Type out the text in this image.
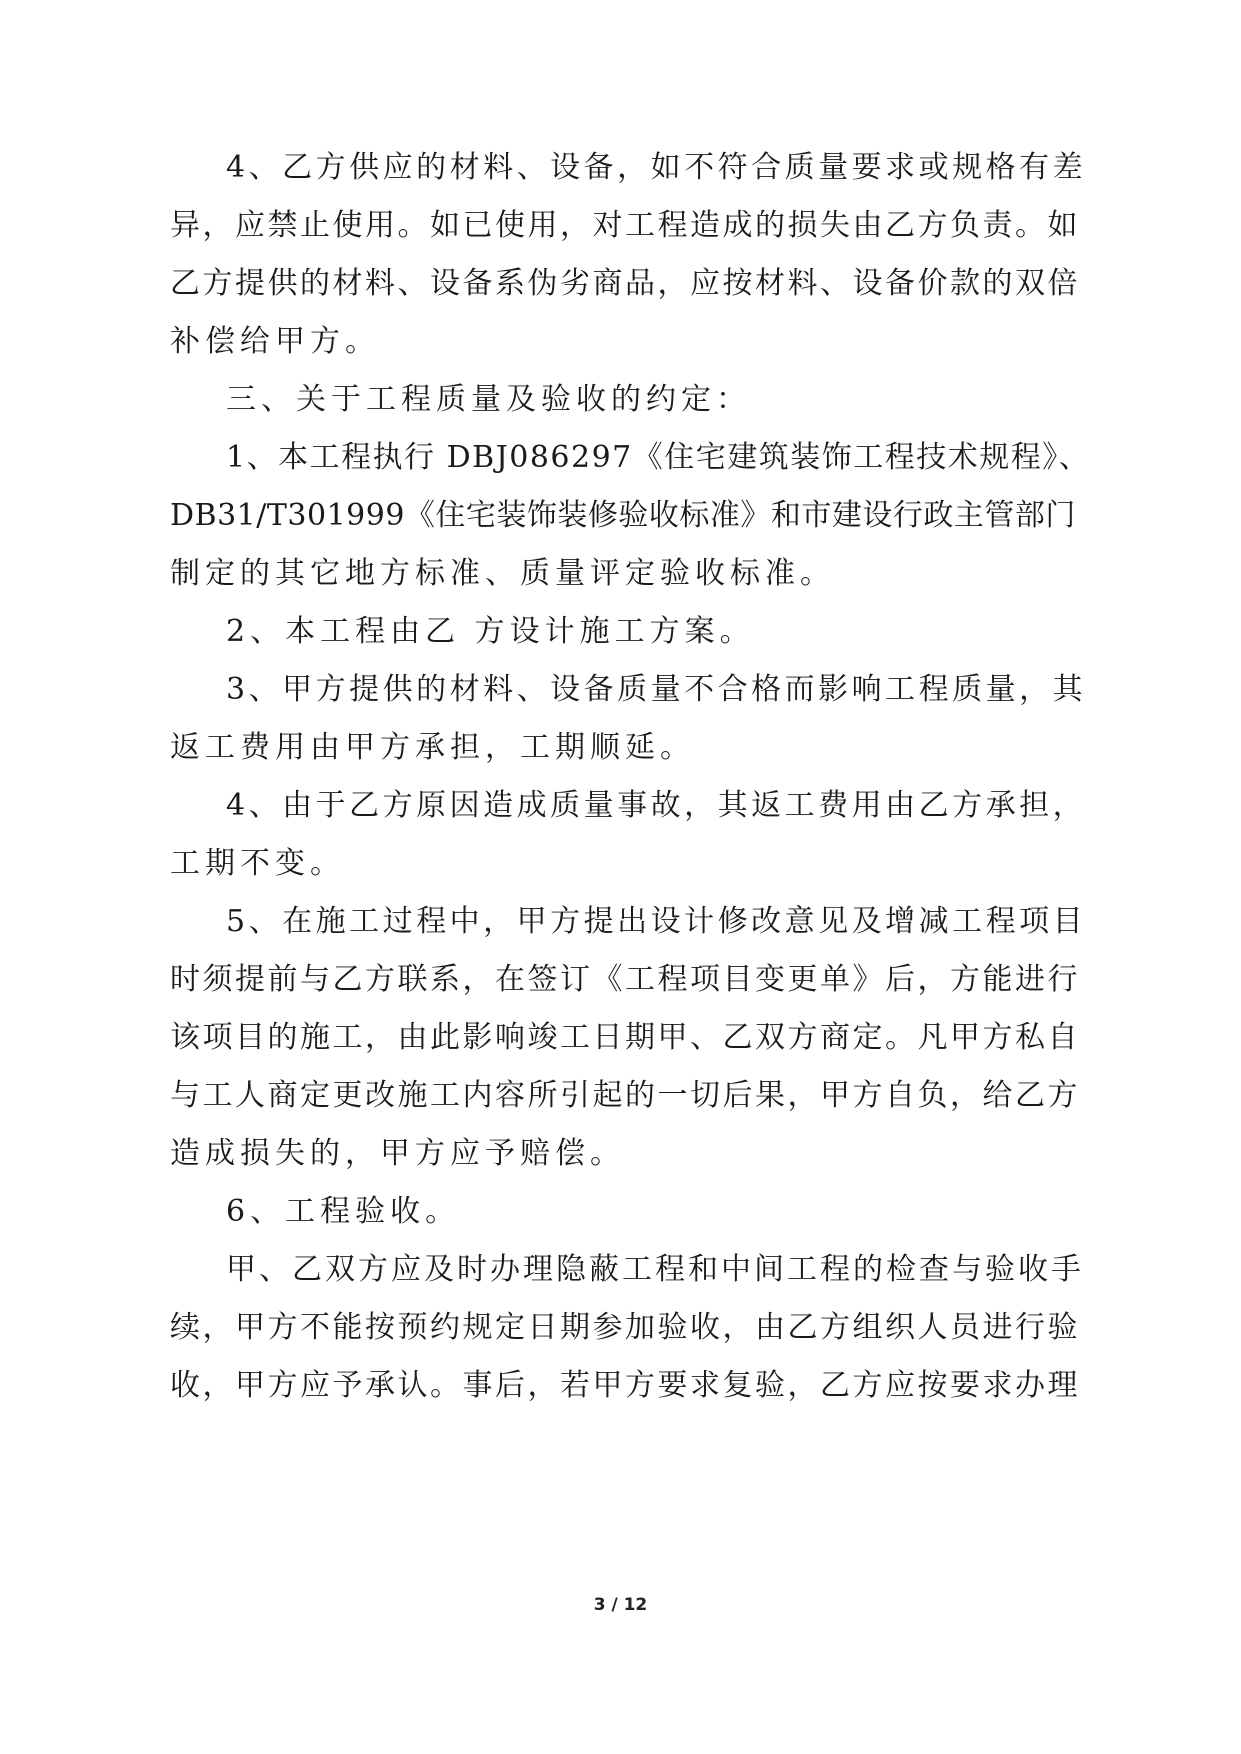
4、乙方供应的材料、设备，如不符合质量要求或规格有差
异，应禁止使用。如已使用，对工程造成的损失由乙方负责。如
乙方提供的材料、设备系伪劣商品，应按材料、设备价款的双倍
补偿给甲方。
三、关于工程质量及验收的约定：
1、本工程执行 DBJ086297《住宅建筑装饰工程技术规程》、
DB31/T301999《住宅装饰装修验收标准》和市建设行政主管部门
制定的其它地方标准、质量评定验收标准。
2、本工程由乙 方设计施工方案。
3、甲方提供的材料、设备质量不合格而影响工程质量，其
返工费用由甲方承担，工期顺延。
4、由于乙方原因造成质量事故，其返工费用由乙方承担，
工期不变。
5、在施工过程中，甲方提出设计修改意见及增减工程项目
时须提前与乙方联系，在签订《工程项目变更单》后，方能进行
该项目的施工，由此影响竣工日期甲、乙双方商定。凡甲方私自
与工人商定更改施工内容所引起的一切后果，甲方自负，给乙方
造成损失的，甲方应予赔偿。
6、工程验收。
甲、乙双方应及时办理隐蔽工程和中间工程的检查与验收手
续，甲方不能按预约规定日期参加验收，由乙方组织人员进行验
收，甲方应予承认。事后，若甲方要求复验，乙方应按要求办理
3 / 12
